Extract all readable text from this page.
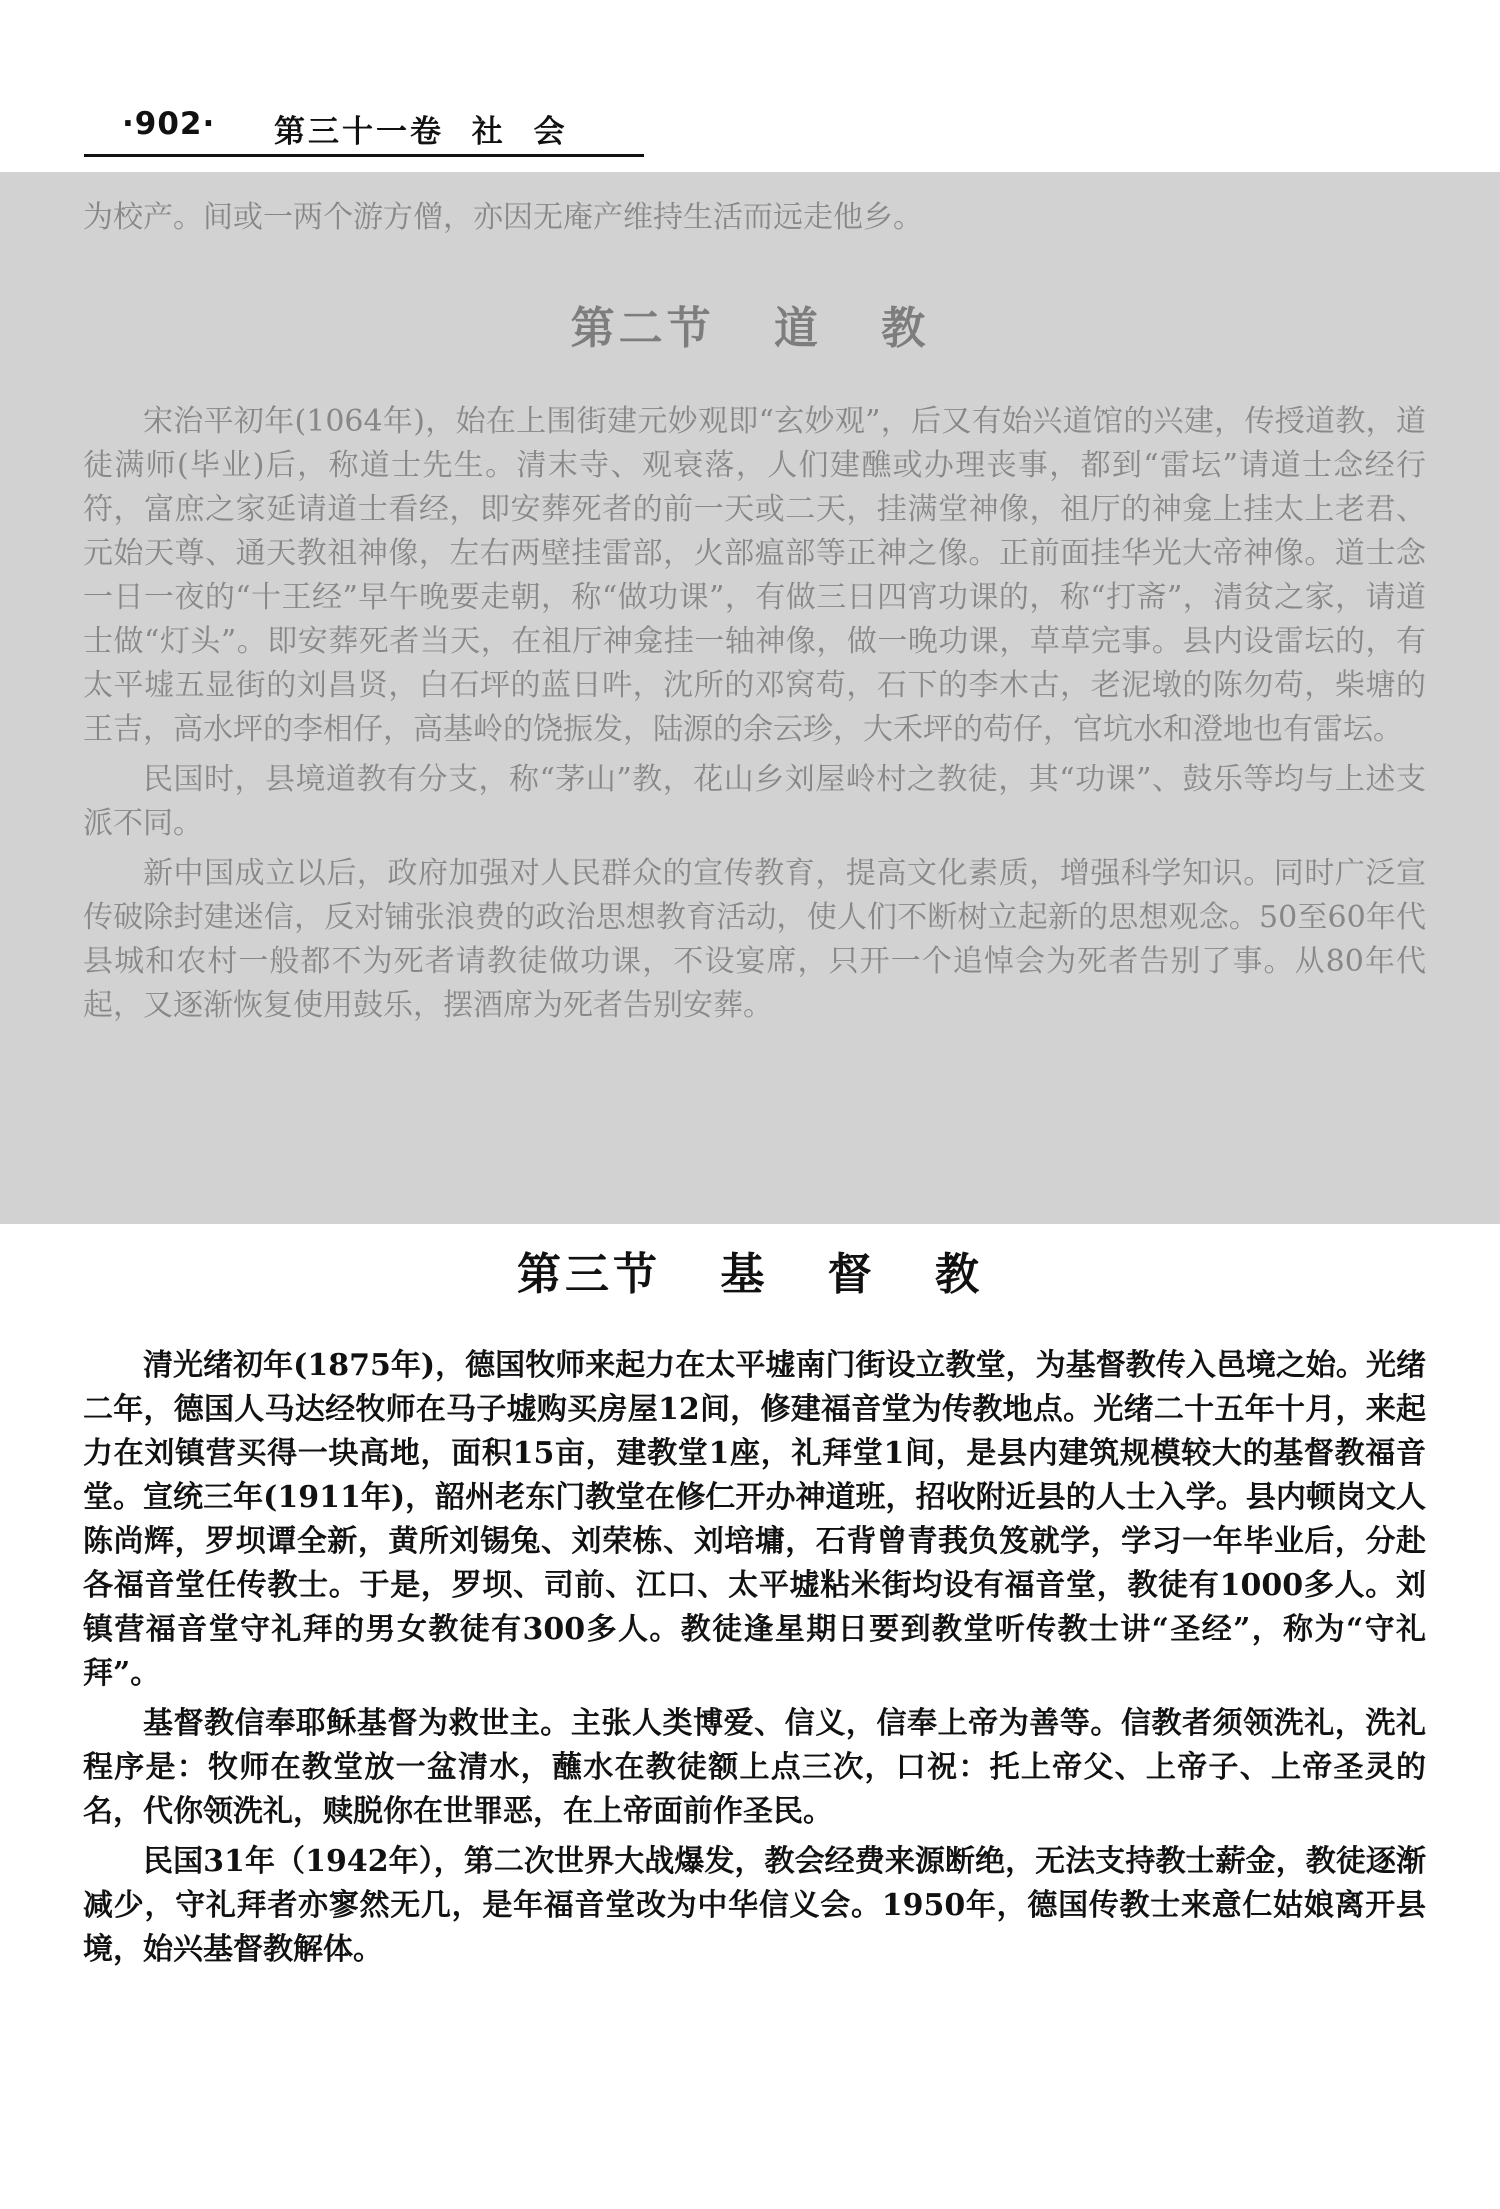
·902· 第三十一卷 社 会

为校产。间或一两个游方僧，亦因无庵产维持生活而远走他乡。

第二节 道 教

宋治平初年(1064年)，始在上围街建元妙观即“玄妙观”，后又有始兴道馆的兴建，传授道教，道徒满师(毕业)后，称道士先生。清末寺、观衰落，人们建醮或办理丧事，都到“雷坛”请道士念经行符，富庶之家延请道士看经，即安葬死者的前一天或二天，挂满堂神像，祖厅的神龛上挂太上老君、元始天尊、通天教祖神像，左右两壁挂雷部，火部瘟部等正神之像。正前面挂华光大帝神像。道士念一日一夜的“十王经”早午晚要走朝，称“做功课”，有做三日四宵功课的，称“打斋”，清贫之家，请道士做“灯头”。即安葬死者当天，在祖厅神龛挂一轴神像，做一晚功课，草草完事。县内设雷坛的，有太平墟五显街的刘昌贤，白石坪的蓝日吽，沈所的邓窝苟，石下的李木古，老泥墩的陈勿苟，柴塘的王吉，高水坪的李相仔，高基岭的饶振发，陆源的余云珍，大禾坪的苟仔，官坑水和澄地也有雷坛。

民国时，县境道教有分支，称“茅山”教，花山乡刘屋岭村之教徒，其“功课”、鼓乐等均与上述支派不同。

新中国成立以后，政府加强对人民群众的宣传教育，提高文化素质，增强科学知识。同时广泛宣传破除封建迷信，反对铺张浪费的政治思想教育活动，使人们不断树立起新的思想观念。50至60年代县城和农村一般都不为死者请教徒做功课，不设宴席，只开一个追悼会为死者告别了事。从80年代起，又逐渐恢复使用鼓乐，摆酒席为死者告别安葬。

第三节 基 督 教

清光绪初年(1875年)，德国牧师来起力在太平墟南门街设立教堂，为基督教传入邑境之始。光绪二年，德国人马达经牧师在马子墟购买房屋12间，修建福音堂为传教地点。光绪二十五年十月，来起力在刘镇营买得一块高地，面积15亩，建教堂1座，礼拜堂1间，是县内建筑规模较大的基督教福音堂。宣统三年(1911年)，韶州老东门教堂在修仁开办神道班，招收附近县的人士入学。县内顿岗文人陈尚辉，罗坝谭全新，黄所刘锡兔、刘荣栋、刘培墉，石背曾青莪负笈就学，学习一年毕业后，分赴各福音堂任传教士。于是，罗坝、司前、江口、太平墟粘米街均设有福音堂，教徒有1000多人。刘镇营福音堂守礼拜的男女教徒有300多人。教徒逢星期日要到教堂听传教士讲“圣经”，称为“守礼拜”。

基督教信奉耶稣基督为救世主。主张人类博爱、信义，信奉上帝为善等。信教者须领洗礼，洗礼程序是：牧师在教堂放一盆清水，蘸水在教徒额上点三次，口祝：托上帝父、上帝子、上帝圣灵的名，代你领洗礼，赎脱你在世罪恶，在上帝面前作圣民。

民国31年（1942年），第二次世界大战爆发，教会经费来源断绝，无法支持教士薪金，教徒逐渐减少，守礼拜者亦寥然无几，是年福音堂改为中华信义会。1950年，德国传教士来意仁姑娘离开县境，始兴基督教解体。
